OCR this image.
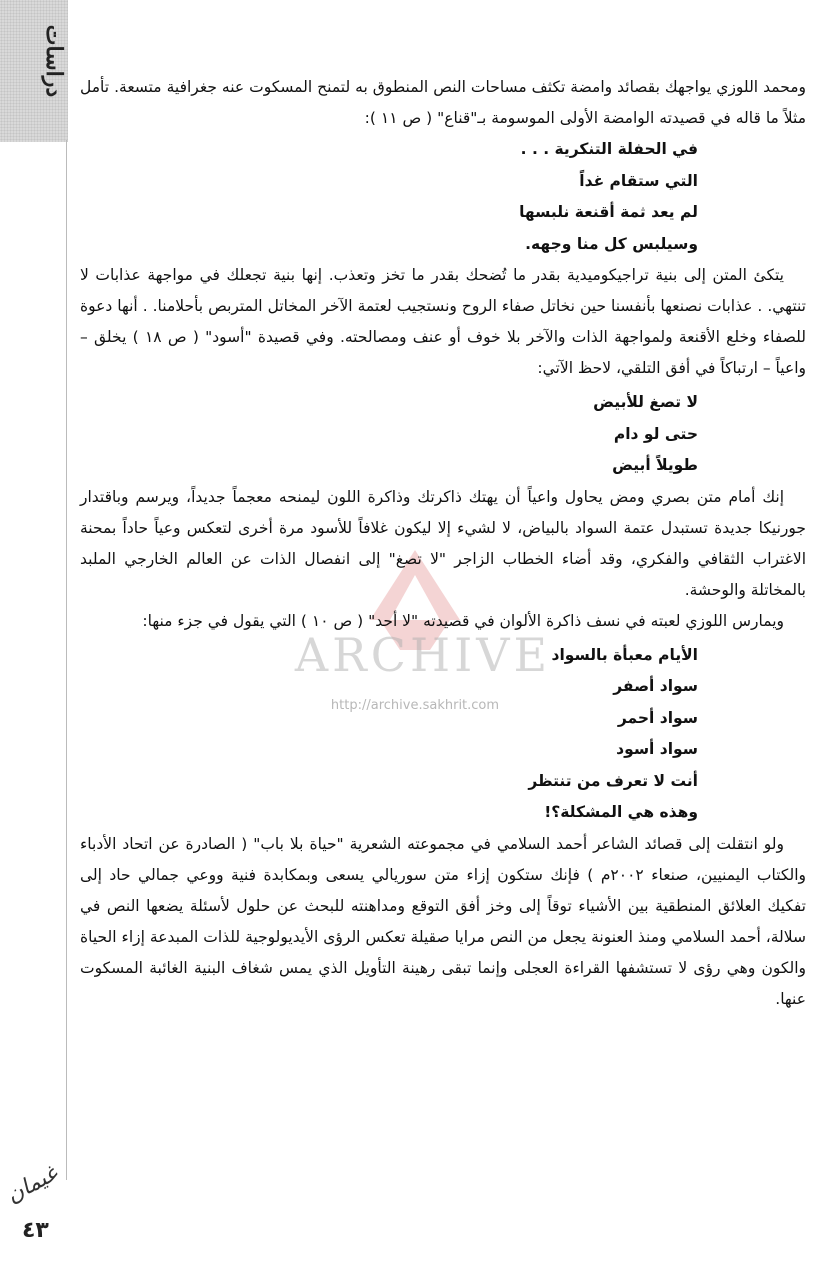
دراسات
ARCHIVE
http://archive.sakhrit.com

ومحمد اللوزي يواجهك بقصائد وامضة تكثف مساحات النص المنطوق به لتمنح المسكوت عنه جغرافية متسعة. تأمل مثلاً ما قاله في قصيدته الوامضة الأولى الموسومة بـ"قناع" ( ص ١١ ):

في الحفلة التنكرية . . .
التي ستقام غداً
لم يعد ثمة أقنعة نلبسها
وسيلبس كل منا وجهه.

يتكئ المتن إلى بنية تراجيكوميدية بقدر ما تُضحك بقدر ما تخز وتعذب. إنها بنية تجعلك في مواجهة عذابات لا تنتهي. . عذابات نصنعها بأنفسنا حين نخاتل صفاء الروح ونستجيب لعتمة الآخر المخاتل المتربص بأحلامنا. . أنها دعوة للصفاء وخلع الأقنعة ولمواجهة الذات والآخر بلا خوف أو عنف ومصالحته. وفي قصيدة "أسود" ( ص ١٨ ) يخلق – واعياً – ارتباكاً في أفق التلقي، لاحظ الآتي:

لا تصغ للأبيض
حتى لو دام
طويلاً أبيض

إنك أمام متن بصري ومض يحاول واعياً أن يهتك ذاكرتك وذاكرة اللون ليمنحه معجماً جديداً، ويرسم وباقتدار جورنيكا جديدة تستبدل عتمة السواد بالبياض، لا لشيء إلا ليكون غلافاً للأسود مرة أخرى لتعكس وعياً حاداً بمحنة الاغتراب الثقافي والفكري، وقد أضاء الخطاب الزاجر "لا تصغ" إلى انفصال الذات عن العالم الخارجي الملبد بالمخاتلة والوحشة.

ويمارس اللوزي لعبته في نسف ذاكرة الألوان في قصيدته "لا أحد" ( ص ١٠ ) التي يقول في جزء منها:

الأيام معبأة بالسواد
سواد أصفر
سواد أحمر
سواد أسود
أنت لا تعرف من تنتظر
وهذه هي المشكلة؟!

ولو انتقلت إلى قصائد الشاعر أحمد السلامي في مجموعته الشعرية "حياة بلا باب" ( الصادرة عن اتحاد الأدباء والكتاب اليمنيين، صنعاء ٢٠٠٢م ) فإنك ستكون إزاء متن سوريالي يسعى وبمكابدة فنية ووعي جمالي حاد إلى تفكيك العلائق المنطقية بين الأشياء توقاً إلى وخز أفق التوقع ومداهنته للبحث عن حلول لأسئلة يضعها النص في سلالة، أحمد السلامي ومنذ العنونة يجعل من النص مرايا صقيلة تعكس الرؤى الأيديولوجية للذات المبدعة إزاء الحياة والكون وهي رؤى لا تستشفها القراءة العجلى وإنما تبقى رهينة التأويل الذي يمس شغاف البنية الغائبة المسكوت عنها.

غيمان
٤٣
